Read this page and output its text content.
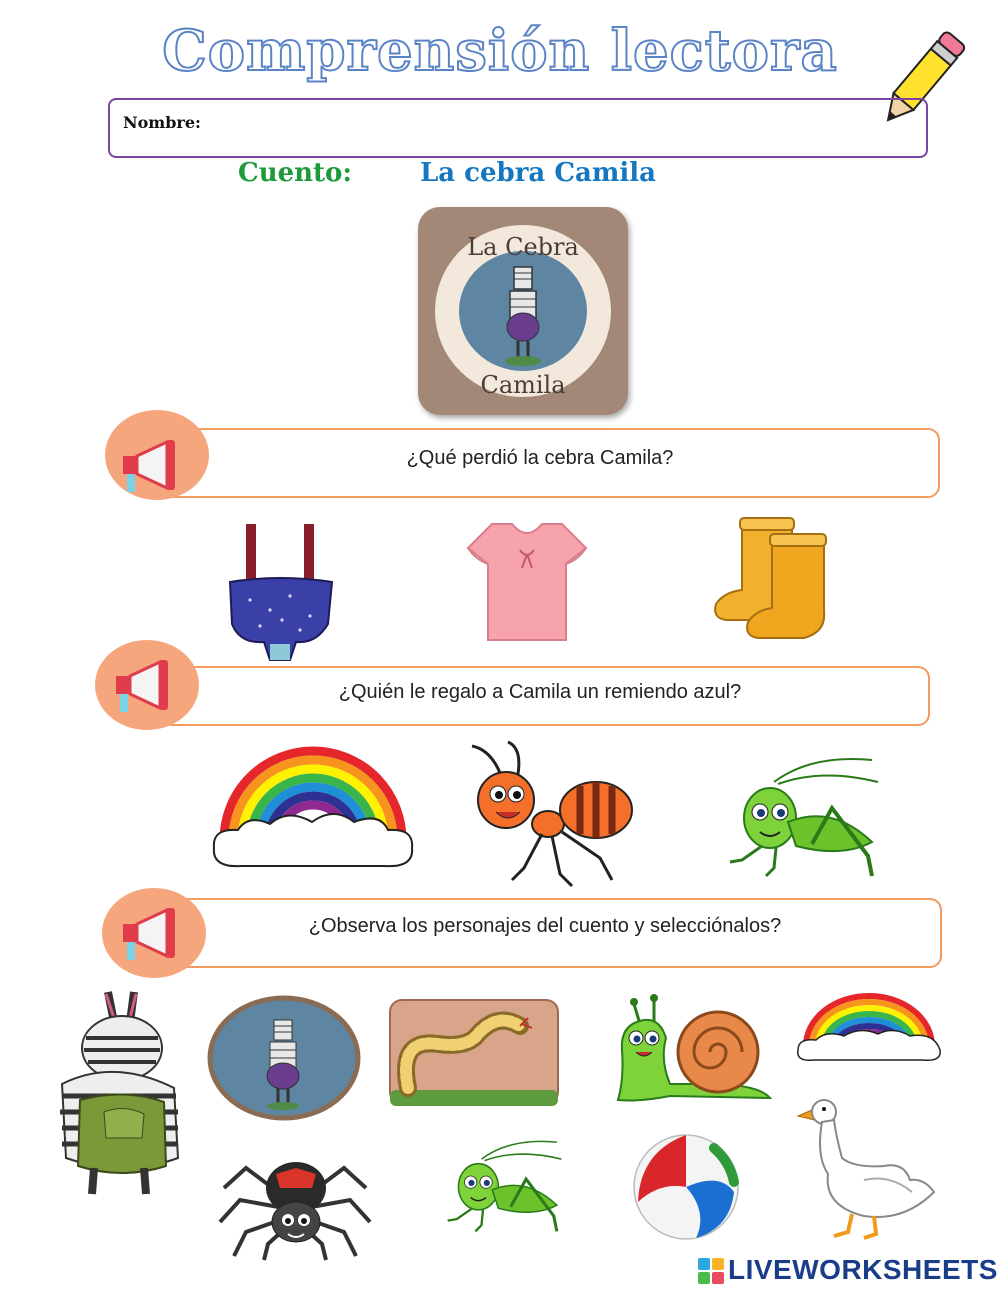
Comprensión lectora
Nombre:
Cuento:	La cebra Camila
La Cebra
Camila
¿Qué perdió la cebra Camila?
¿Quién le regalo a Camila un remiendo azul?
¿Observa los personajes del cuento y selecciónalos?
LIVEWORKSHEETS
